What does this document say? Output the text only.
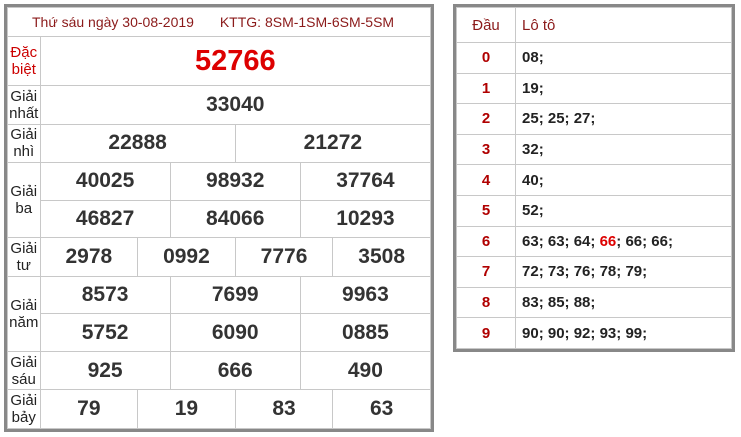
Thứ sáu ngày 30-08-2019 KTTG: 8SM-1SM-6SM-5SM						
Đặc biệt	52766					
Giải nhất	33040					
Giải nhì	22888			21272		
Giải ba	40025		98932		37764	
	46827		84066		10293	
Giải tư	2978	0992		7776		3508
Giải năm	8573		7699		9963	
	5752		6090		0885	
Giải sáu	925		666		490	
Giải bảy	79	19		83		63
Đầu	Lô tô
0	08;
1	19;
2	25; 25; 27;
3	32;
4	40;
5	52;
6	63; 63; 64; 66; 66; 66;
7	72; 73; 76; 78; 79;
8	83; 85; 88;
9	90; 90; 92; 93; 99;
